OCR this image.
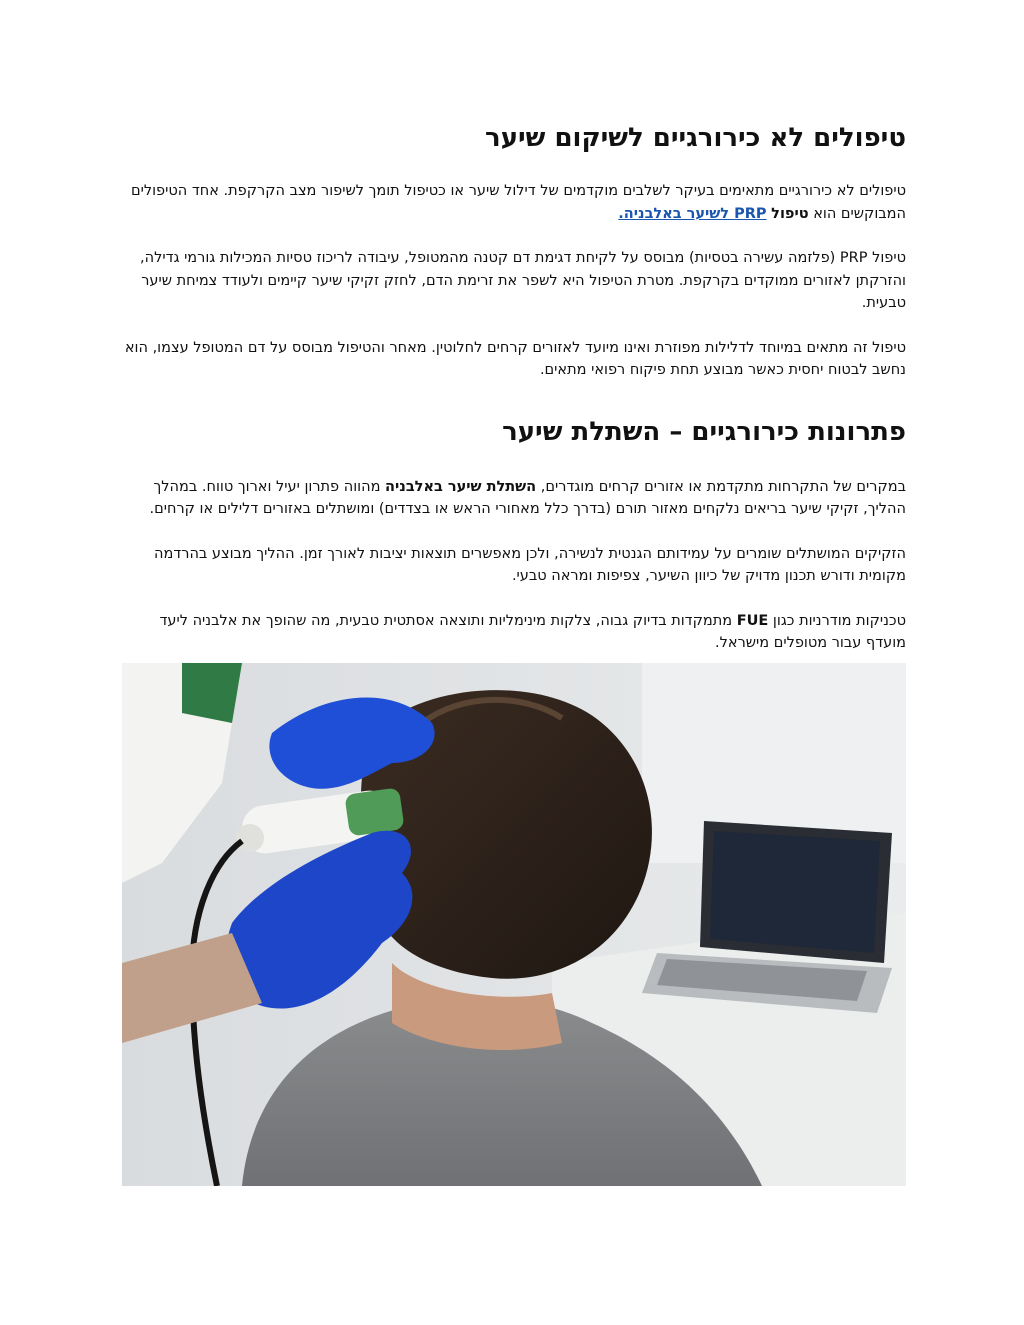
טיפולים לא כירורגיים לשיקום שיער

טיפולים לא כירורגיים מתאימים בעיקר לשלבים מוקדמים של דילול שיער או כטיפול תומך לשיפור מצב הקרקפת. אחד הטיפולים המבוקשים הוא טיפול PRP לשיער באלבניה.

טיפול PRP (פלזמה עשירה בטסיות) מבוסס על לקיחת דגימת דם קטנה מהמטופל, עיבודה לריכוז טסיות המכילות גורמי גדילה, והזרקתן לאזורים ממוקדים בקרקפת. מטרת הטיפול היא לשפר את זרימת הדם, לחזק זקיקי שיער קיימים ולעודד צמיחת שיער טבעית.

טיפול זה מתאים במיוחד לדלילות מפוזרת ואינו מיועד לאזורים קרחים לחלוטין. מאחר והטיפול מבוסס על דם המטופל עצמו, הוא נחשב לבטוח יחסית כאשר מבוצע תחת פיקוח רפואי מתאים.

פתרונות כירורגיים – השתלת שיער

במקרים של התקרחות מתקדמת או אזורים קרחים מוגדרים, השתלת שיער באלבניה מהווה פתרון יעיל וארוך טווח. במהלך ההליך, זקיקי שיער בריאים נלקחים מאזור תורם (בדרך כלל מאחורי הראש או בצדדים) ומושתלים באזורים דלילים או קרחים.

הזקיקים המושתלים שומרים על עמידותם הגנטית לנשירה, ולכן מאפשרים תוצאות יציבות לאורך זמן. ההליך מבוצע בהרדמה מקומית ודורש תכנון מדויק של כיוון השיער, צפיפות ומראה טבעי.

טכניקות מודרניות כגון FUE מתמקדות בדיוק גבוה, צלקות מינימליות ותוצאה אסתטית טבעית, מה שהופך את אלבניה ליעד מועדף עבור מטופלים מישראל.
